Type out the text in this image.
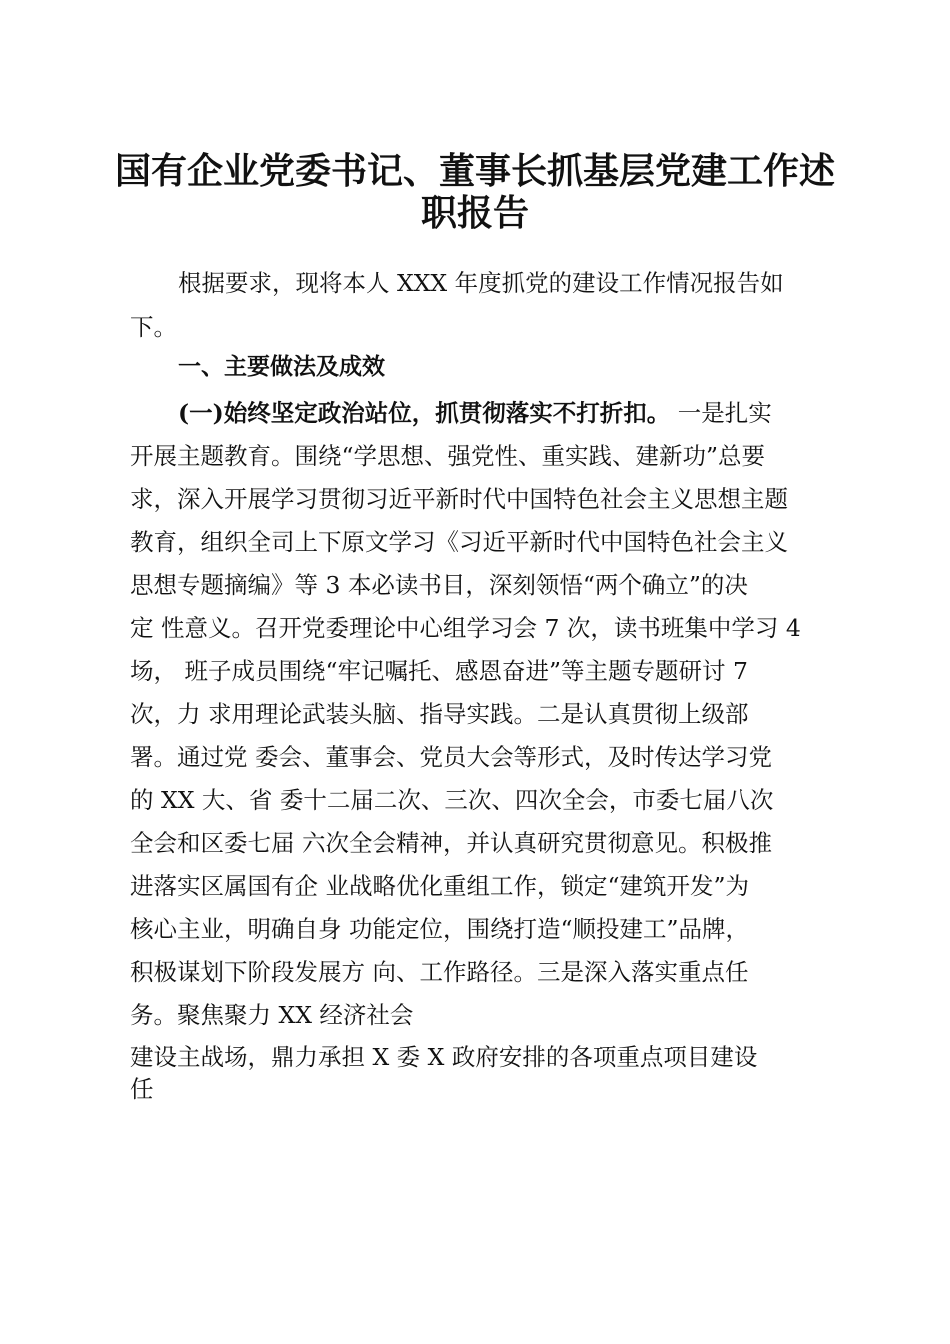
国有企业党委书记、董事长抓基层党建工作述
职报告
根据要求，现将本人 XXX 年度抓党的建设工作情况报告如
下。
一、主要做法及成效
(一)始终坚定政治站位，抓贯彻落实不打折扣。 一是扎实
开展主题教育。围绕“学思想、强党性、重实践、建新功”总要
求，深入开展学习贯彻习近平新时代中国特色社会主义思想主题
教育，组织全司上下原文学习《习近平新时代中国特色社会主义
思想专题摘编》等 3 本必读书目，深刻领悟“两个确立”的决
定 性意义。召开党委理论中心组学习会 7 次，读书班集中学习 4
场， 班子成员围绕“牢记嘱托、感恩奋进”等主题专题研讨 7
次，力 求用理论武装头脑、指导实践。二是认真贯彻上级部
署。通过党 委会、董事会、党员大会等形式，及时传达学习党
的 XX 大、省 委十二届二次、三次、四次全会，市委七届八次
全会和区委七届 六次全会精神，并认真研究贯彻意见。积极推
进落实区属国有企 业战略优化重组工作，锁定“建筑开发”为
核心主业，明确自身 功能定位，围绕打造“顺投建工”品牌，
积极谋划下阶段发展方 向、工作路径。三是深入落实重点任
务。聚焦聚力 XX 经济社会
建设主战场，鼎力承担 X 委 X 政府安排的各项重点项目建设
任
